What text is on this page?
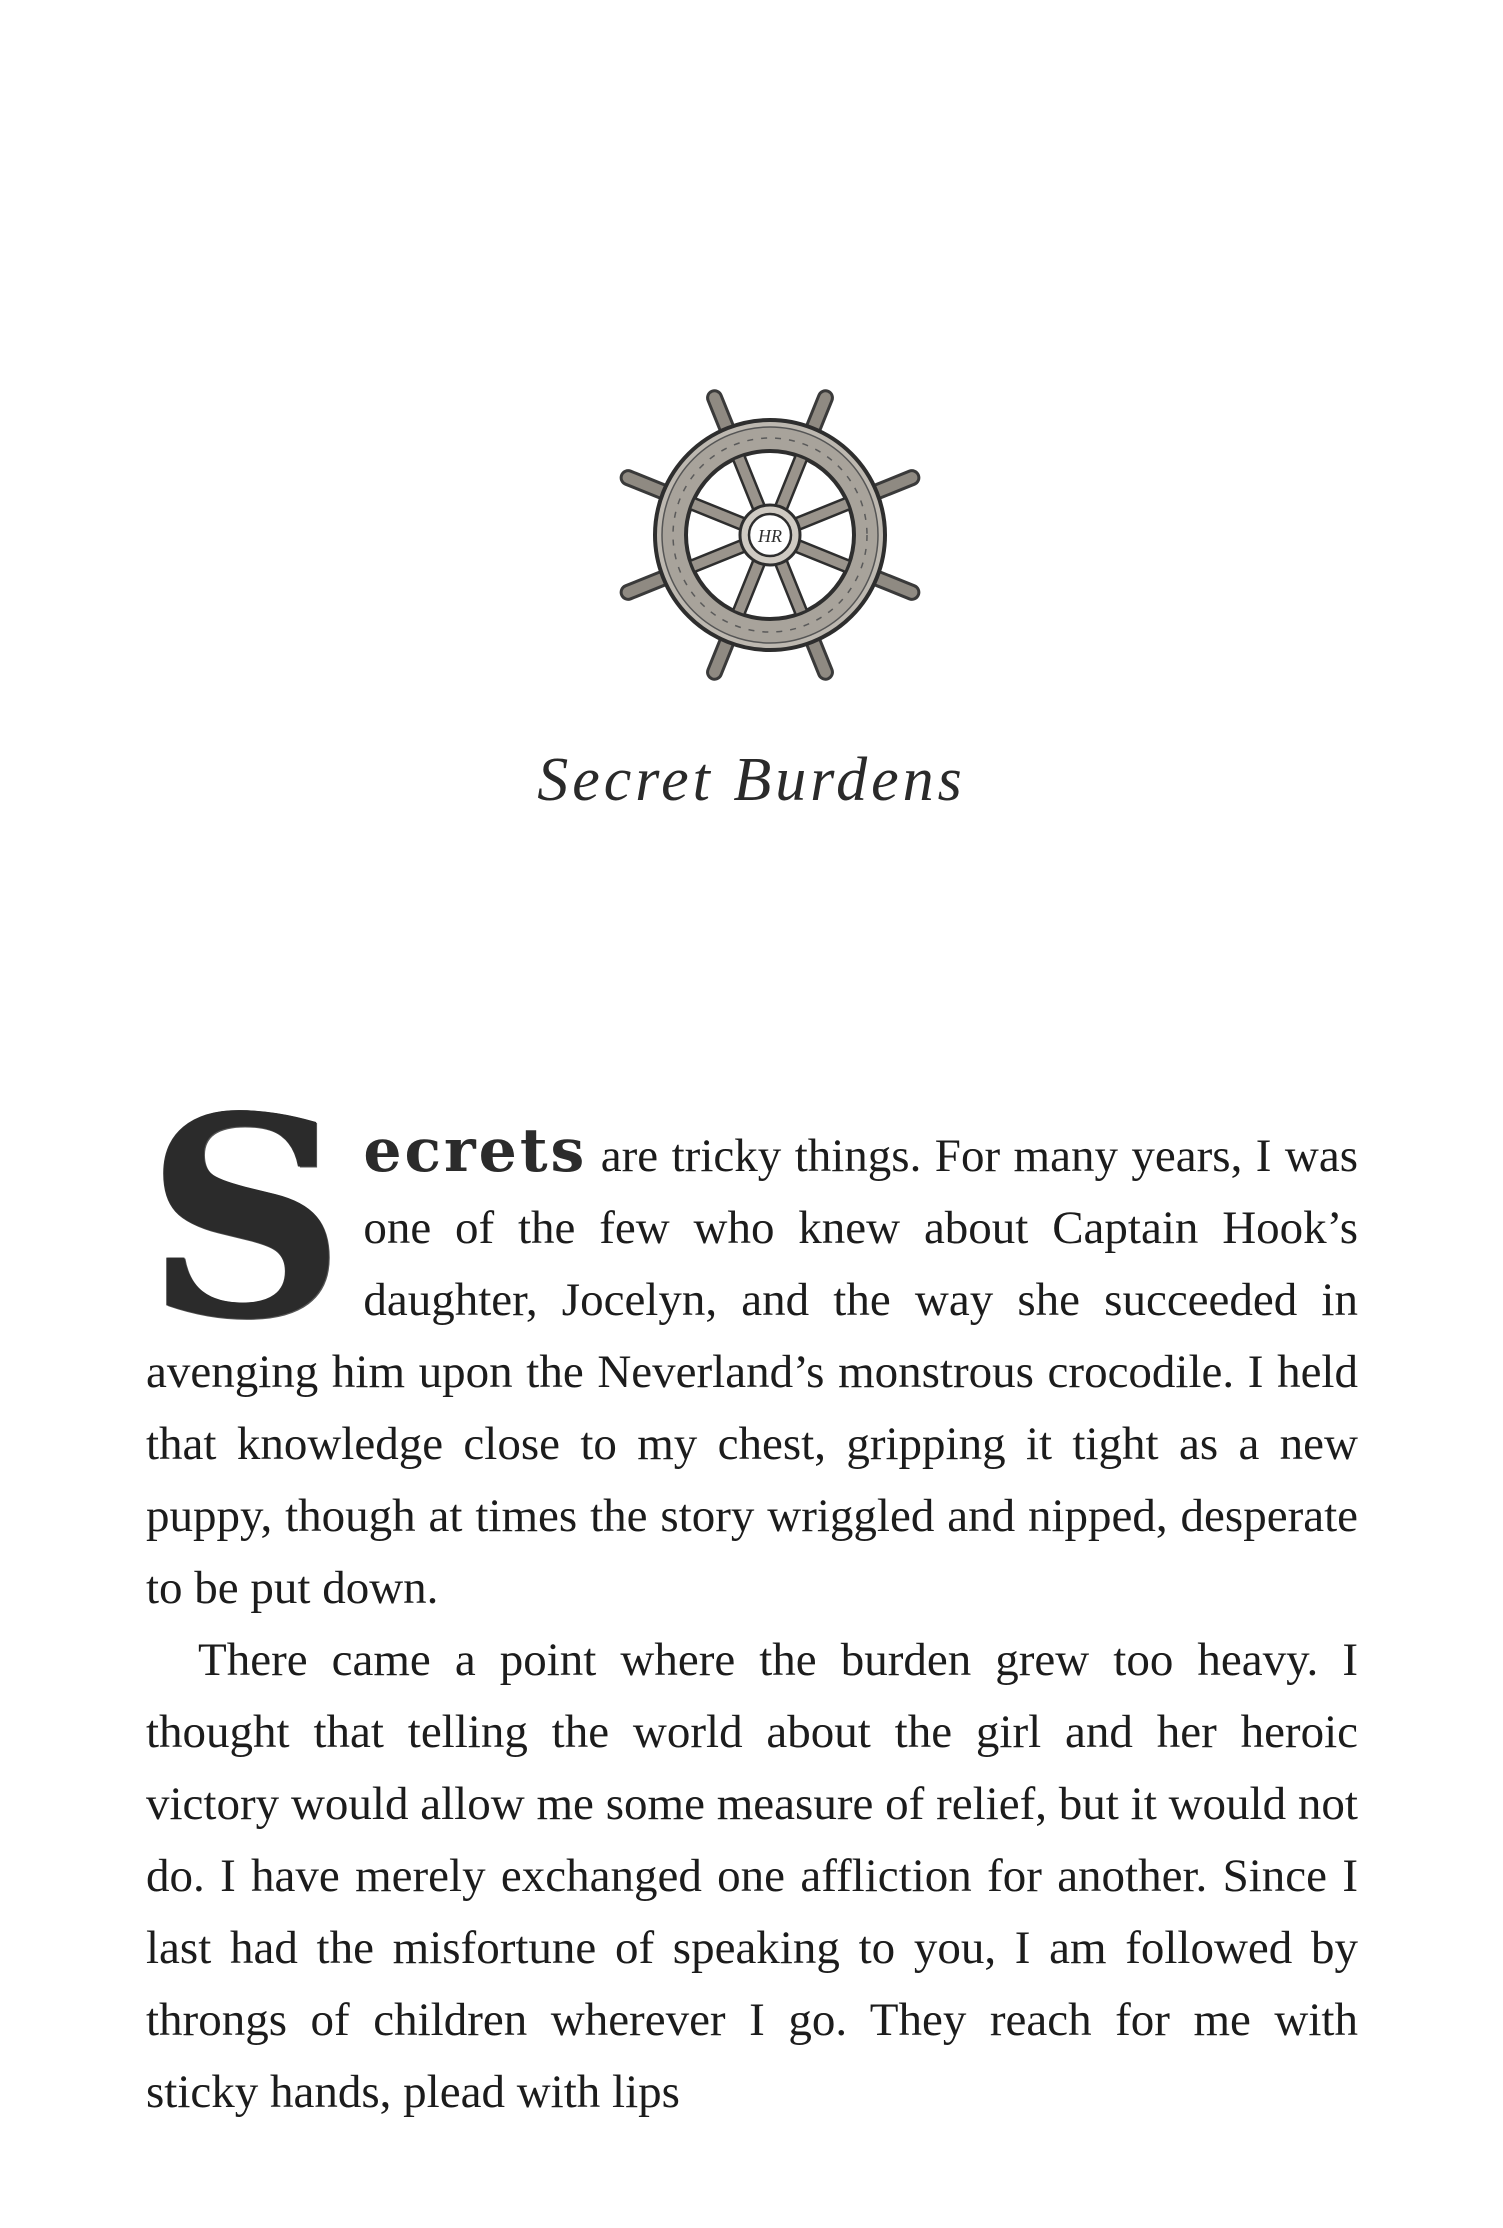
HR
Secret Burdens

Secrets are tricky things. For many years, I was one of the few who knew about Captain Hook’s daughter, Jocelyn, and the way she succeeded in avenging him upon the Neverland’s monstrous crocodile. I held that knowledge close to my chest, gripping it tight as a new puppy, though at times the story wriggled and nipped, desperate to be put down.

There came a point where the burden grew too heavy. I thought that telling the world about the girl and her heroic victory would allow me some measure of relief, but it would not do. I have merely exchanged one affliction for another. Since I last had the misfortune of speaking to you, I am followed by throngs of children wherever I go. They reach for me with sticky hands, plead with lips
